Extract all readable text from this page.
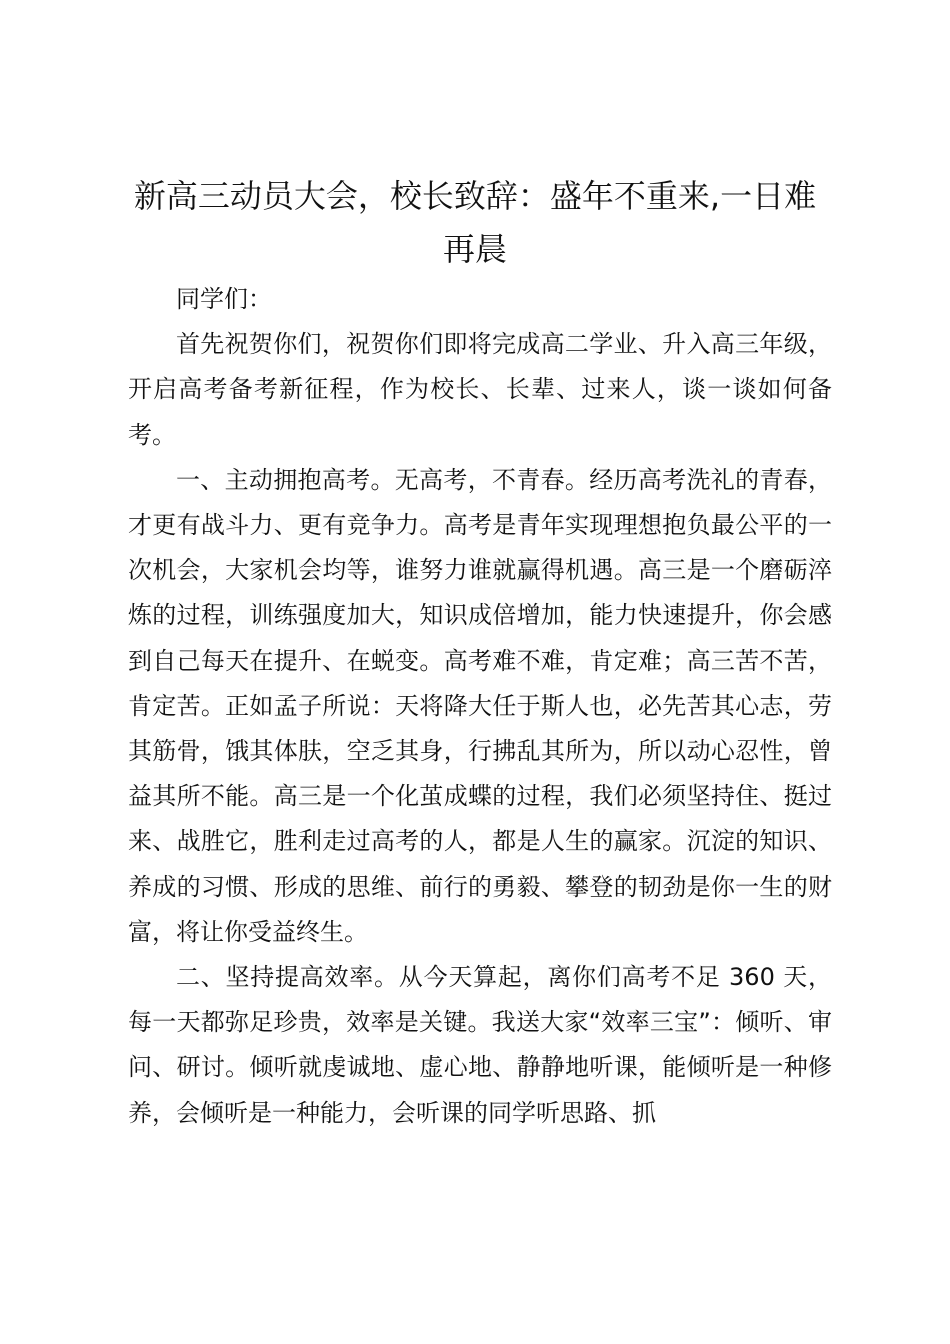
新高三动员大会，校长致辞：盛年不重来,一日难再晨

同学们：

首先祝贺你们，祝贺你们即将完成高二学业、升入高三年级，开启高考备考新征程，作为校长、长辈、过来人，谈一谈如何备考。

一、主动拥抱高考。无高考，不青春。经历高考洗礼的青春，才更有战斗力、更有竞争力。高考是青年实现理想抱负最公平的一次机会，大家机会均等，谁努力谁就赢得机遇。高三是一个磨砺淬炼的过程，训练强度加大，知识成倍增加，能力快速提升，你会感到自己每天在提升、在蜕变。高考难不难，肯定难；高三苦不苦，肯定苦。正如孟子所说：天将降大任于斯人也，必先苦其心志，劳其筋骨，饿其体肤，空乏其身，行拂乱其所为，所以动心忍性，曾益其所不能。高三是一个化茧成蝶的过程，我们必须坚持住、挺过来、战胜它，胜利走过高考的人，都是人生的赢家。沉淀的知识、养成的习惯、形成的思维、前行的勇毅、攀登的韧劲是你一生的财富，将让你受益终生。

二、坚持提高效率。从今天算起，离你们高考不足 360 天，每一天都弥足珍贵，效率是关键。我送大家“效率三宝”：倾听、审问、研讨。倾听就虔诚地、虚心地、静静地听课，能倾听是一种修养，会倾听是一种能力，会听课的同学听思路、抓
